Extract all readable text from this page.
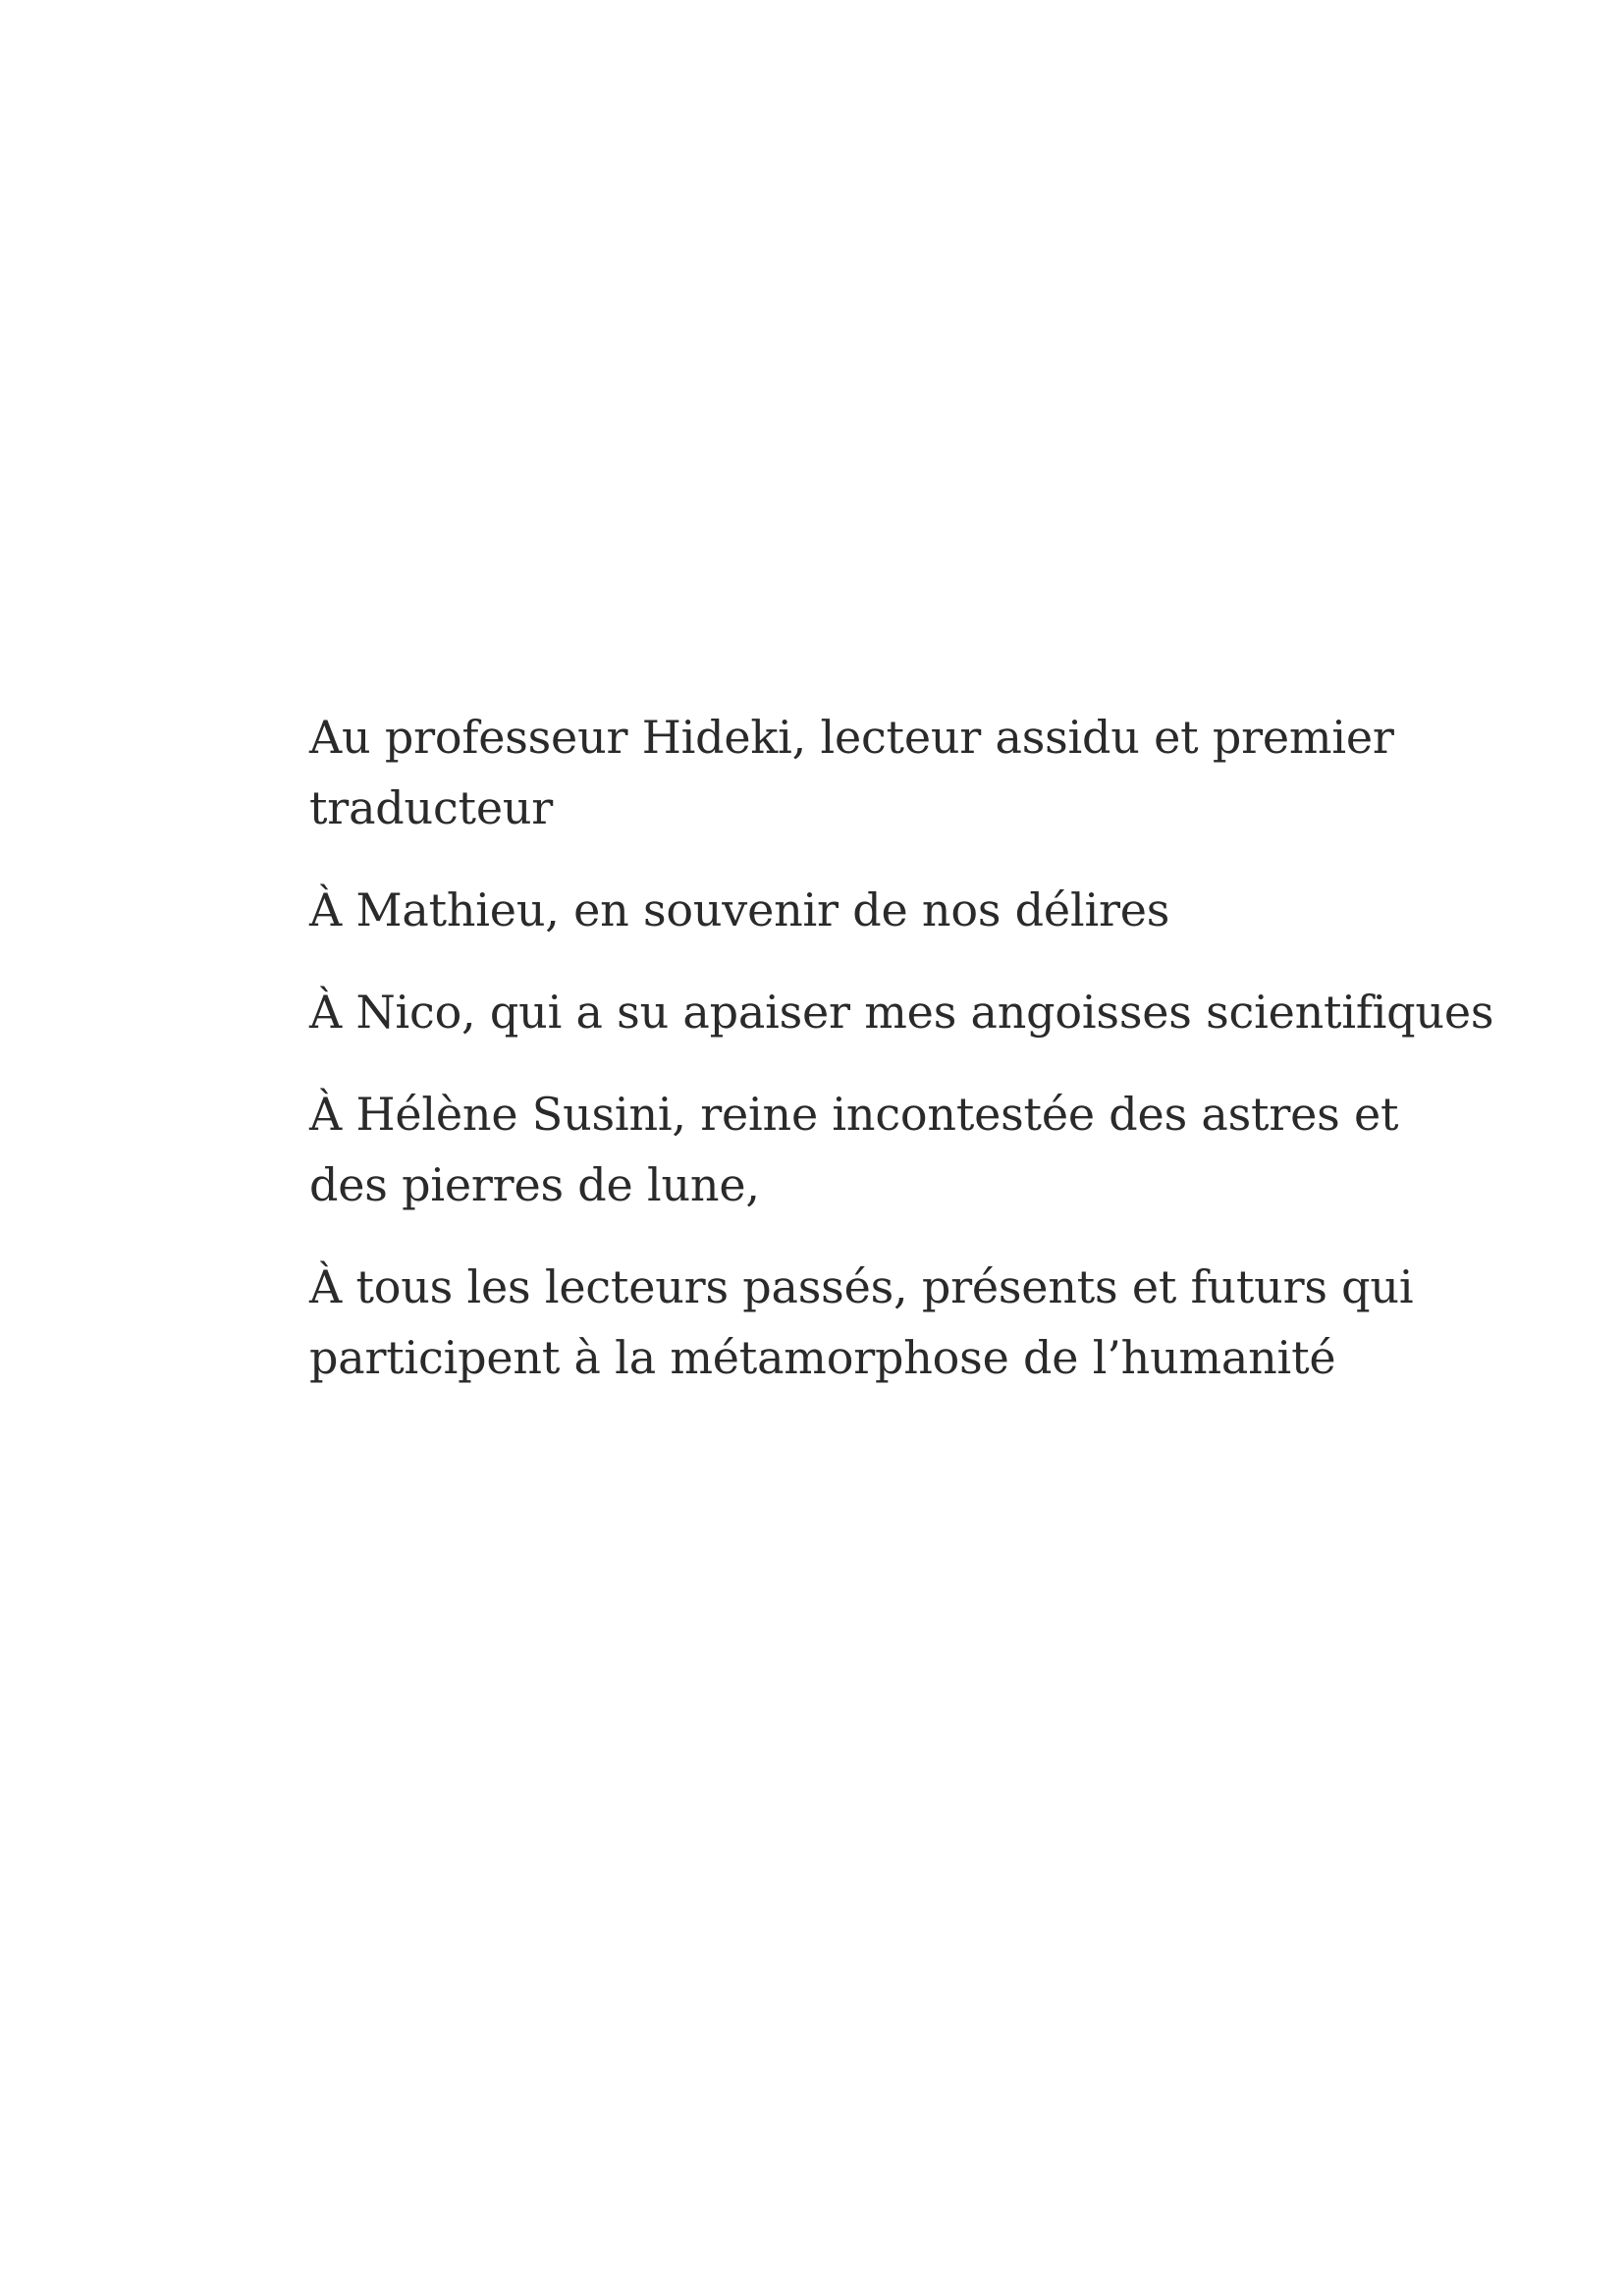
Au professeur Hideki, lecteur assidu et premier
traducteur

À Mathieu, en souvenir de nos délires

À Nico, qui a su apaiser mes angoisses scientifiques

À Hélène Susini, reine incontestée des astres et
des pierres de lune,

À tous les lecteurs passés, présents et futurs qui
participent à la métamorphose de l’humanité
